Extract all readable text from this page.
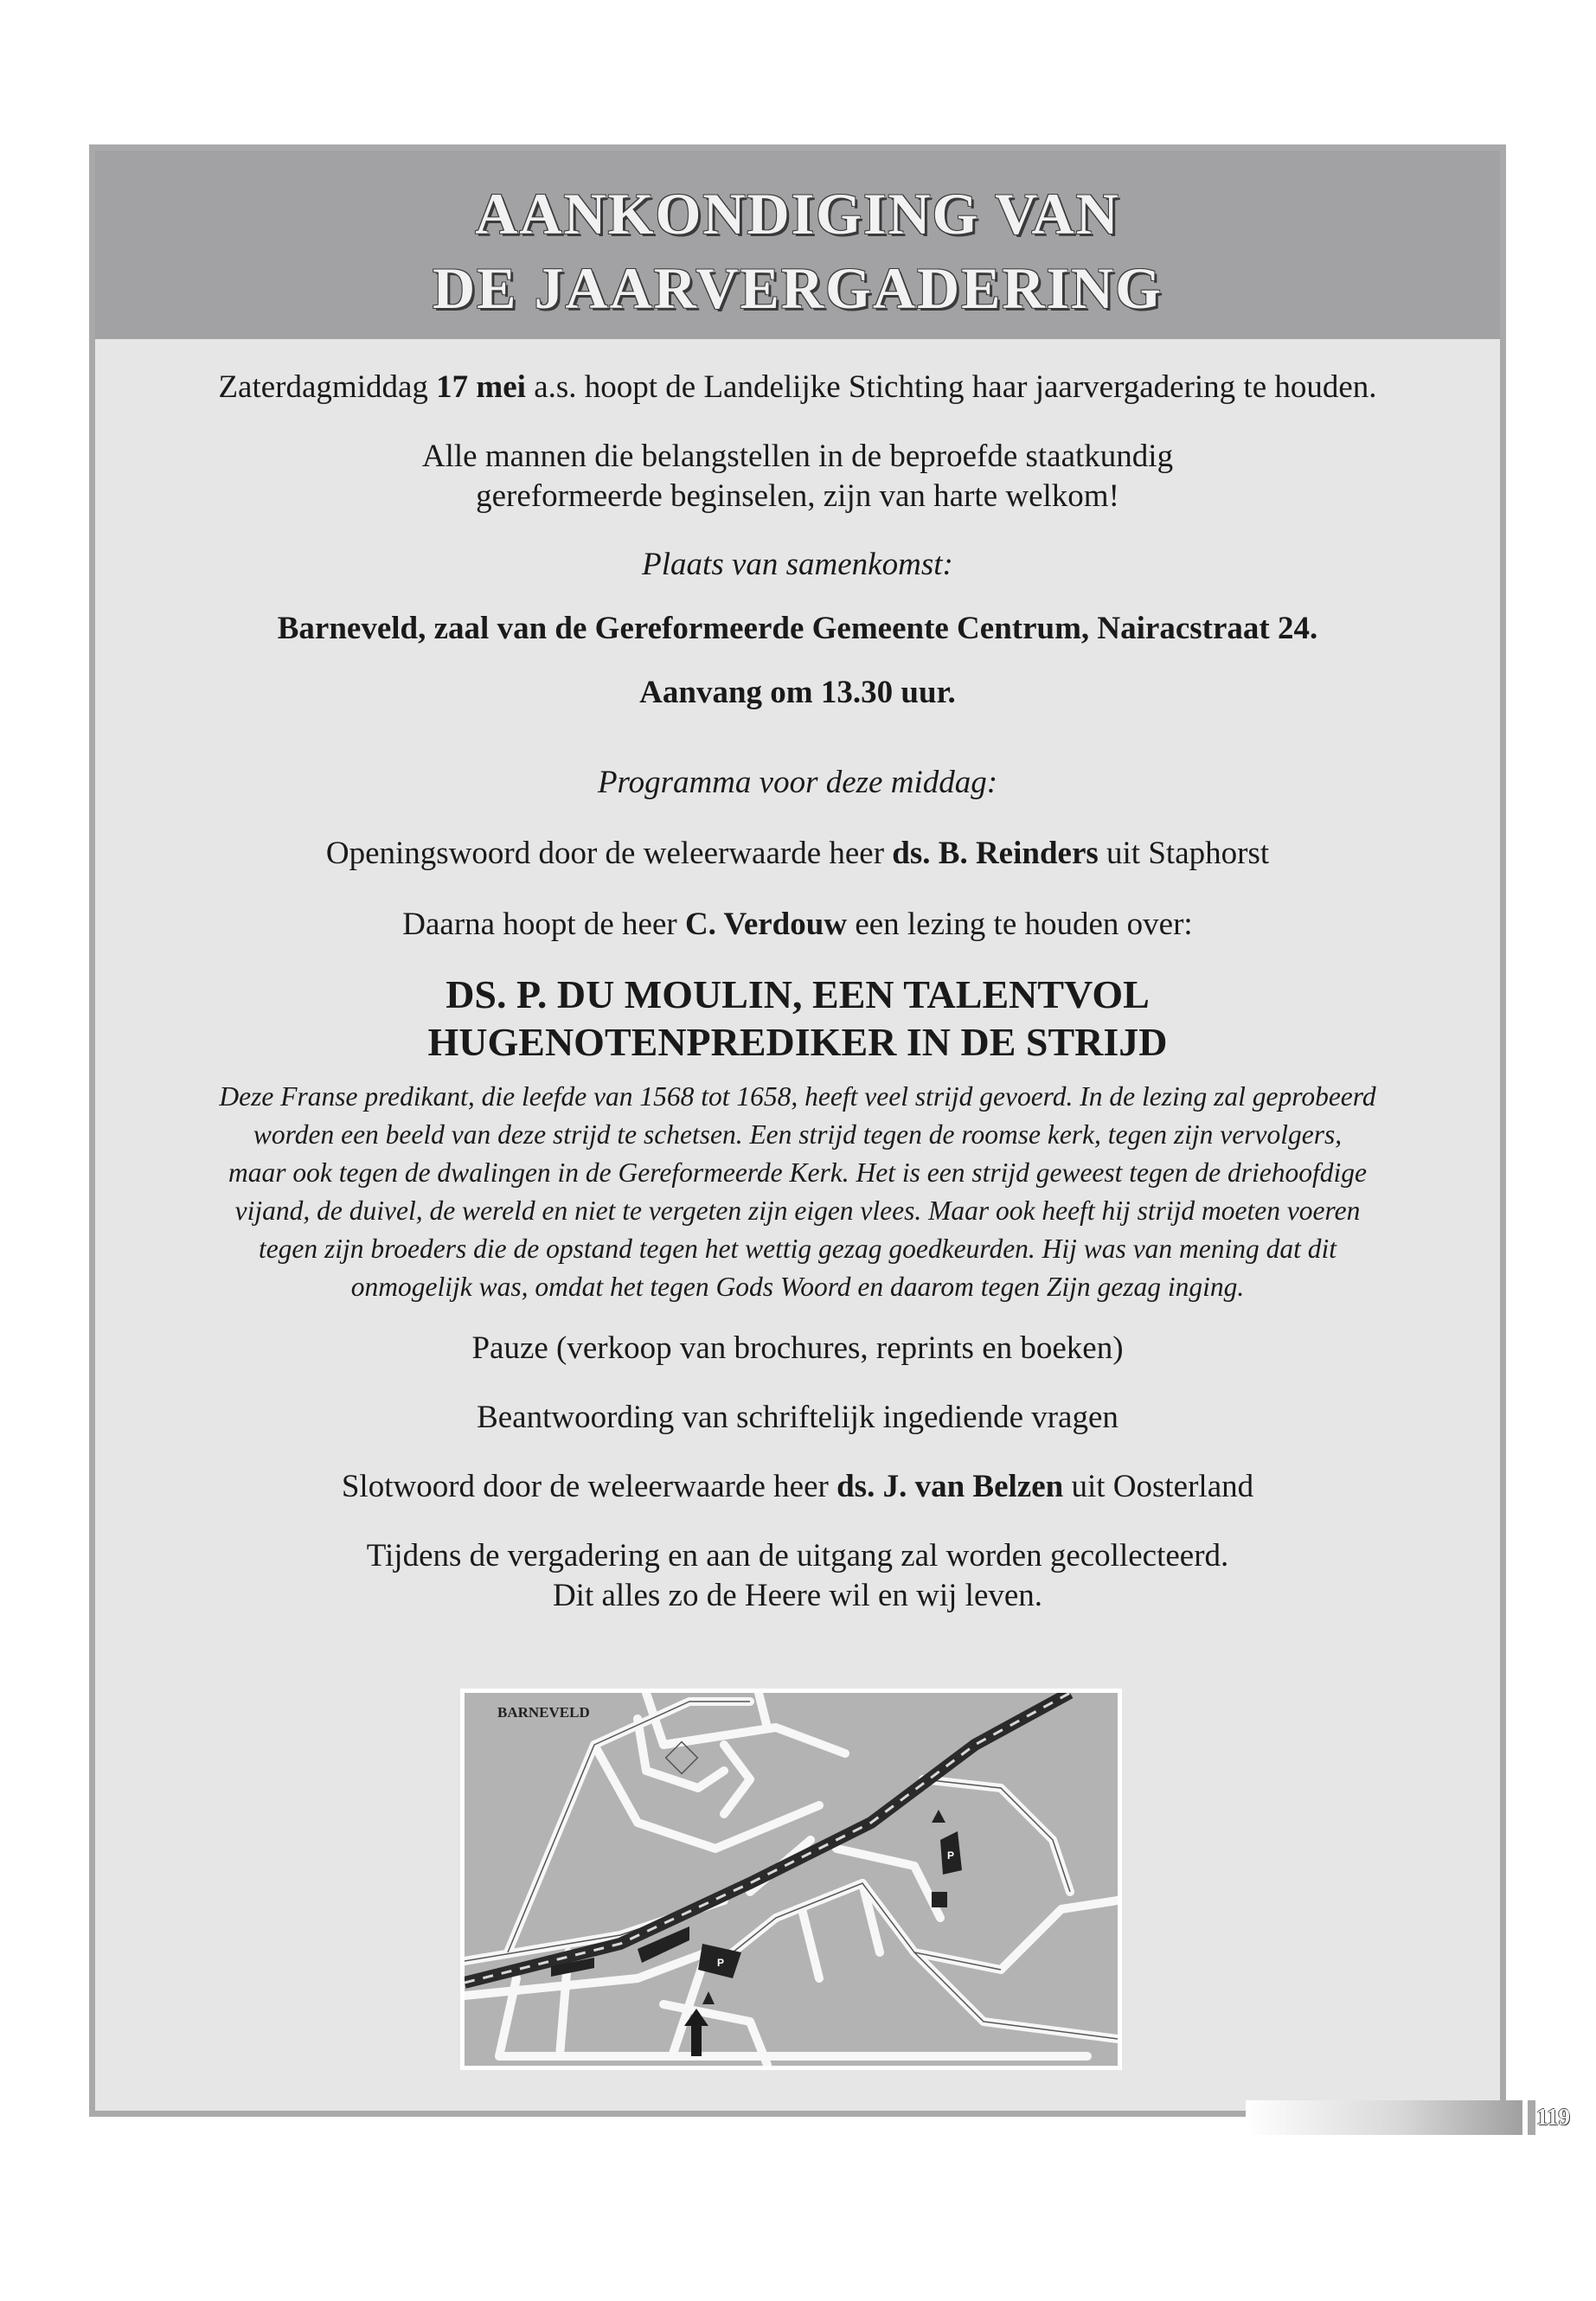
AANKONDIGING VAN
DE JAARVERGADERING

Zaterdagmiddag 17 mei a.s. hoopt de Landelijke Stichting haar jaarvergadering te houden.

Alle mannen die belangstellen in de beproefde staatkundig
gereformeerde beginselen, zijn van harte welkom!

Plaats van samenkomst:

Barneveld, zaal van de Gereformeerde Gemeente Centrum, Nairacstraat 24.

Aanvang om 13.30 uur.

Programma voor deze middag:

Openingswoord door de weleerwaarde heer ds. B. Reinders uit Staphorst

Daarna hoopt de heer C. Verdouw een lezing te houden over:

DS. P. DU MOULIN, EEN TALENTVOL
HUGENOTENPREDIKER IN DE STRIJD

Deze Franse predikant, die leefde van 1568 tot 1658, heeft veel strijd gevoerd. In de lezing zal geprobeerd
worden een beeld van deze strijd te schetsen. Een strijd tegen de roomse kerk, tegen zijn vervolgers,
maar ook tegen de dwalingen in de Gereformeerde Kerk. Het is een strijd geweest tegen de driehoofdige
vijand, de duivel, de wereld en niet te vergeten zijn eigen vlees. Maar ook heeft hij strijd moeten voeren
tegen zijn broeders die de opstand tegen het wettig gezag goedkeurden. Hij was van mening dat dit
onmogelijk was, omdat het tegen Gods Woord en daarom tegen Zijn gezag inging.

Pauze (verkoop van brochures, reprints en boeken)

Beantwoording van schriftelijk ingediende vragen

Slotwoord door de weleerwaarde heer ds. J. van Belzen uit Oosterland

Tijdens de vergadering en aan de uitgang zal worden gecollecteerd.
Dit alles zo de Heere wil en wij leven.

P
P
BARNEVELD
119
